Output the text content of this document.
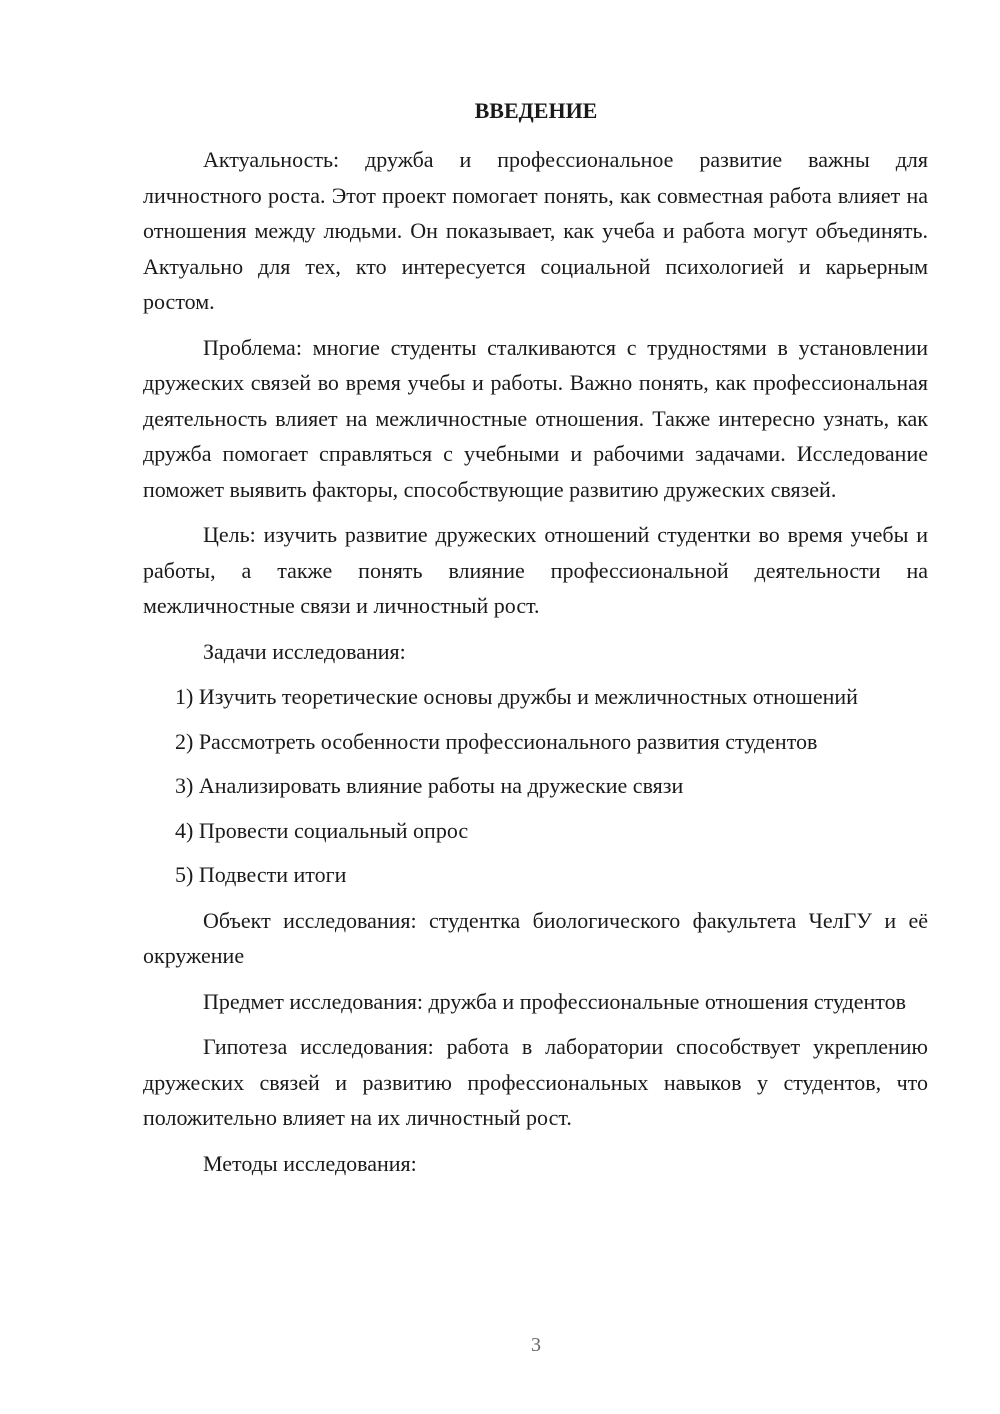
ВВЕДЕНИЕ

Актуальность: дружба и профессиональное развитие важны для личностного роста. Этот проект помогает понять, как совместная работа влияет на отношения между людьми. Он показывает, как учеба и работа могут объединять. Актуально для тех, кто интересуется социальной психологией и карьерным ростом.

Проблема: многие студенты сталкиваются с трудностями в установлении дружеских связей во время учебы и работы. Важно понять, как профессиональная деятельность влияет на межличностные отношения. Также интересно узнать, как дружба помогает справляться с учебными и рабочими задачами. Исследование поможет выявить факторы, способствующие развитию дружеских связей.

Цель: изучить развитие дружеских отношений студентки во время учебы и работы, а также понять влияние профессиональной деятельности на межличностные связи и личностный рост.

Задачи исследования:

1) Изучить теоретические основы дружбы и межличностных отношений

2) Рассмотреть особенности профессионального развития студентов

3) Анализировать влияние работы на дружеские связи

4) Провести социальный опрос

5) Подвести итоги

Объект исследования: студентка биологического факультета ЧелГУ и её окружение

Предмет исследования: дружба и профессиональные отношения студентов

Гипотеза исследования: работа в лаборатории способствует укреплению дружеских связей и развитию профессиональных навыков у студентов, что положительно влияет на их личностный рост.

Методы исследования:

3
